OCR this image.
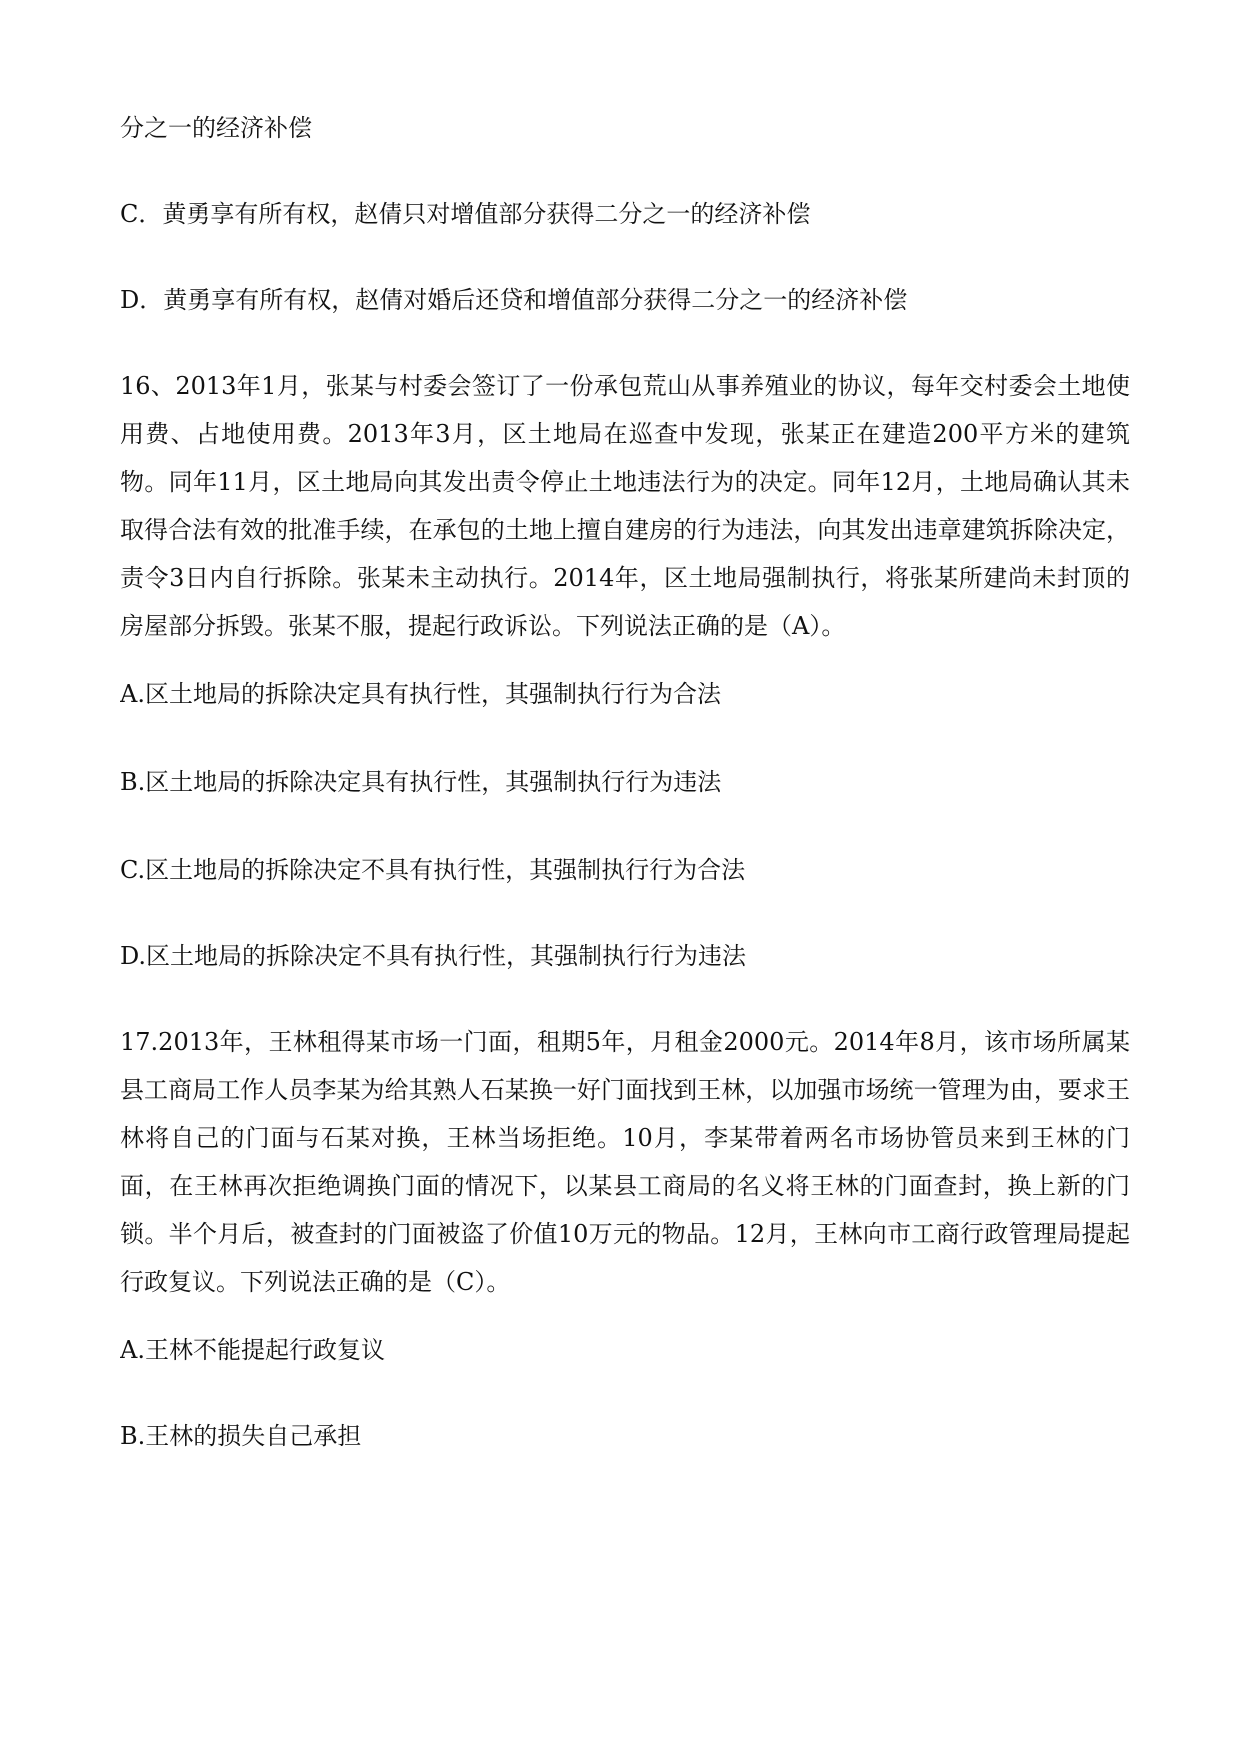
分之一的经济补偿

C．黄勇享有所有权，赵倩只对增值部分获得二分之一的经济补偿

D．黄勇享有所有权，赵倩对婚后还贷和增值部分获得二分之一的经济补偿

16、2013年1月，张某与村委会签订了一份承包荒山从事养殖业的协议，每年交村委会土地使用费、占地使用费。2013年3月，区土地局在巡查中发现，张某正在建造200平方米的建筑物。同年11月，区土地局向其发出责令停止土地违法行为的决定。同年12月，土地局确认其未取得合法有效的批准手续，在承包的土地上擅自建房的行为违法，向其发出违章建筑拆除决定，责令3日内自行拆除。张某未主动执行。2014年，区土地局强制执行，将张某所建尚未封顶的房屋部分拆毁。张某不服，提起行政诉讼。下列说法正确的是（A）。

A.区土地局的拆除决定具有执行性，其强制执行行为合法

B.区土地局的拆除决定具有执行性，其强制执行行为违法

C.区土地局的拆除决定不具有执行性，其强制执行行为合法

D.区土地局的拆除决定不具有执行性，其强制执行行为违法

17.2013年，王林租得某市场一门面，租期5年，月租金2000元。2014年8月，该市场所属某县工商局工作人员李某为给其熟人石某换一好门面找到王林，以加强市场统一管理为由，要求王林将自己的门面与石某对换，王林当场拒绝。10月，李某带着两名市场协管员来到王林的门面，在王林再次拒绝调换门面的情况下，以某县工商局的名义将王林的门面查封，换上新的门锁。半个月后，被查封的门面被盗了价值10万元的物品。12月，王林向市工商行政管理局提起行政复议。下列说法正确的是（C）。

A.王林不能提起行政复议

B.王林的损失自己承担
